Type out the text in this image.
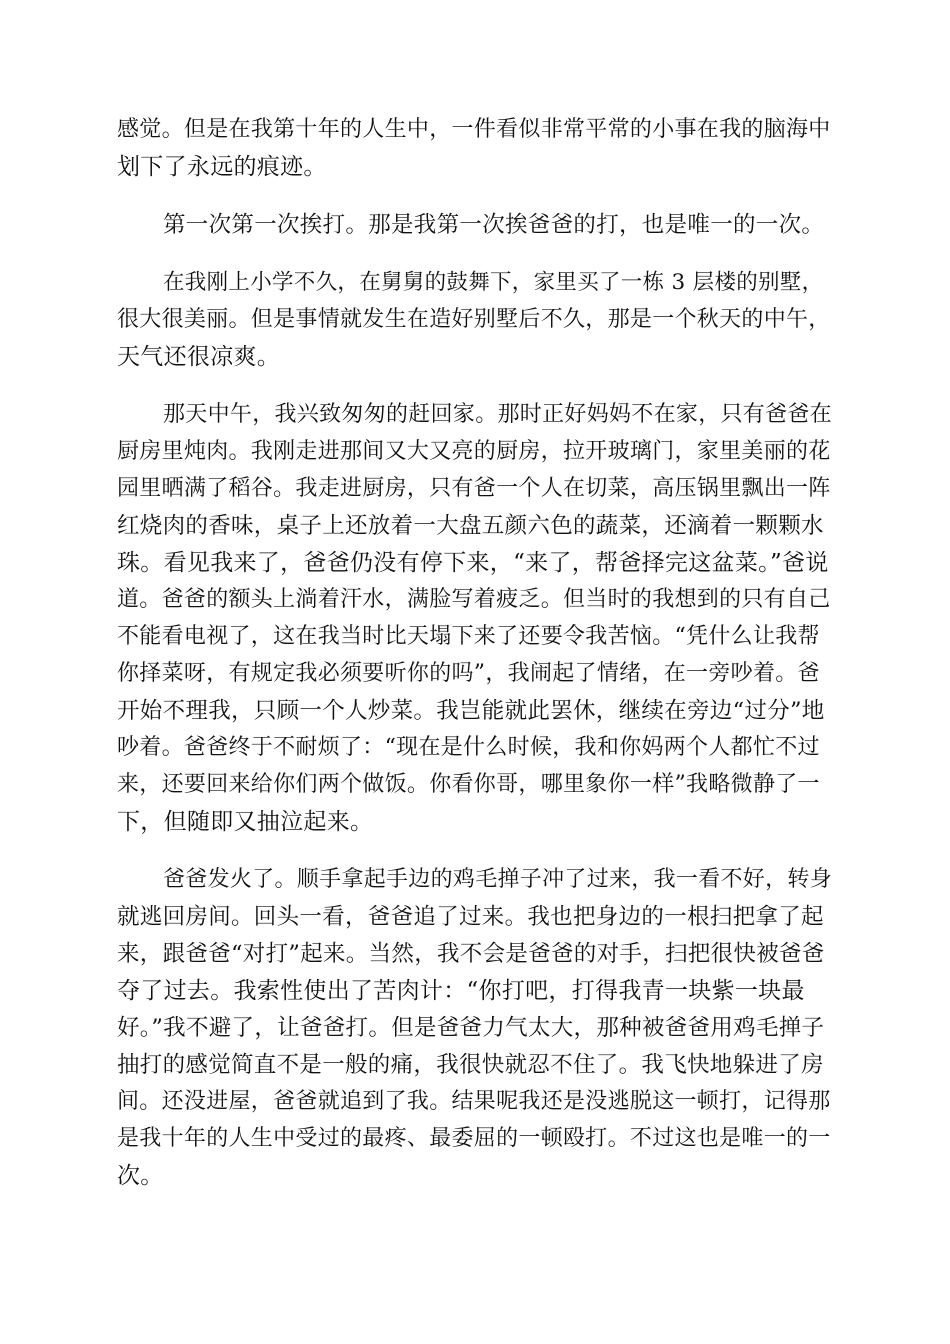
感觉。但是在我第十年的人生中，一件看似非常平常的小事在我的脑海中
划下了永远的痕迹。
第一次第一次挨打。那是我第一次挨爸爸的打，也是唯一的一次。
在我刚上小学不久，在舅舅的鼓舞下，家里买了一栋 3 层楼的别墅，
很大很美丽。但是事情就发生在造好别墅后不久，那是一个秋天的中午，
天气还很凉爽。
那天中午，我兴致匆匆的赶回家。那时正好妈妈不在家，只有爸爸在
厨房里炖肉。我刚走进那间又大又亮的厨房，拉开玻璃门，家里美丽的花
园里晒满了稻谷。我走进厨房，只有爸一个人在切菜，高压锅里飘出一阵
红烧肉的香味，桌子上还放着一大盘五颜六色的蔬菜，还滴着一颗颗水
珠。看见我来了，爸爸仍没有停下来，“来了，帮爸择完这盆菜。”爸说
道。爸爸的额头上淌着汗水，满脸写着疲乏。但当时的我想到的只有自己
不能看电视了，这在我当时比天塌下来了还要令我苦恼。“凭什么让我帮
你择菜呀，有规定我必须要听你的吗”，我闹起了情绪，在一旁吵着。爸
开始不理我，只顾一个人炒菜。我岂能就此罢休，继续在旁边“过分”地
吵着。爸爸终于不耐烦了：“现在是什么时候，我和你妈两个人都忙不过
来，还要回来给你们两个做饭。你看你哥，哪里象你一样”我略微静了一
下，但随即又抽泣起来。
爸爸发火了。顺手拿起手边的鸡毛掸子冲了过来，我一看不好，转身
就逃回房间。回头一看，爸爸追了过来。我也把身边的一根扫把拿了起
来，跟爸爸“对打”起来。当然，我不会是爸爸的对手，扫把很快被爸爸
夺了过去。我索性使出了苦肉计：“你打吧，打得我青一块紫一块最
好。”我不避了，让爸爸打。但是爸爸力气太大，那种被爸爸用鸡毛掸子
抽打的感觉简直不是一般的痛，我很快就忍不住了。我飞快地躲进了房
间。还没进屋，爸爸就追到了我。结果呢我还是没逃脱这一顿打，记得那
是我十年的人生中受过的最疼、最委屈的一顿殴打。不过这也是唯一的一
次。
